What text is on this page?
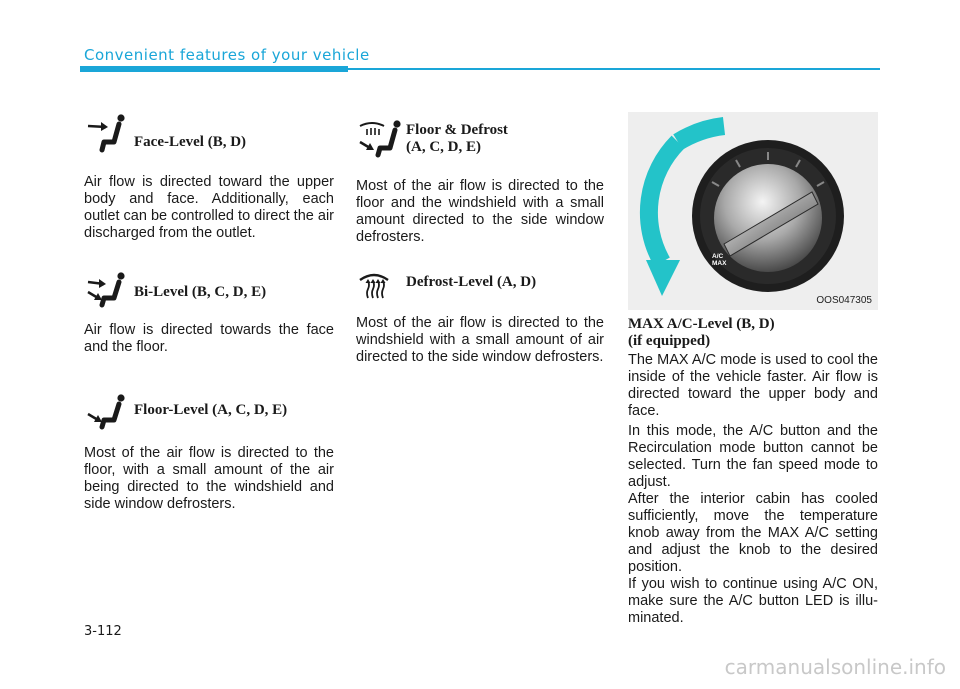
Convenient features of your vehicle
Face-Level (B, D)

Air flow is directed toward the upper body and face. Additionally, each outlet can be controlled to direct the air discharged from the outlet.

Bi-Level (B, C, D, E)

Air flow is directed towards the face and the floor.

Floor-Level (A, C, D, E)

Most of the air flow is directed to the floor, with a small amount of the air being directed to the windshield and side window defrosters.

Floor & Defrost
(A, C, D, E)

Most of the air flow is directed to the floor and the windshield with a small amount directed to the side window defrosters.

Defrost-Level (A, D)

Most of the air flow is directed to the windshield with a small amount of air directed to the side window defrosters.

A/C
MAX
OOS047305
MAX A/C-Level (B, D)
(if equipped)

The MAX A/C mode is used to cool the inside of the vehicle faster. Air flow is directed toward the upper body and face.

In this mode, the A/C button and the Recirculation mode button cannot be selected. Turn the fan speed mode to adjust.

After the interior cabin has cooled sufficiently, move the temperature knob away from the MAX A/C setting and adjust the knob to the desired position.

If you wish to continue using A/C ON, make sure the A/C button LED is illu-minated.

3-112
carmanualsonline.info
